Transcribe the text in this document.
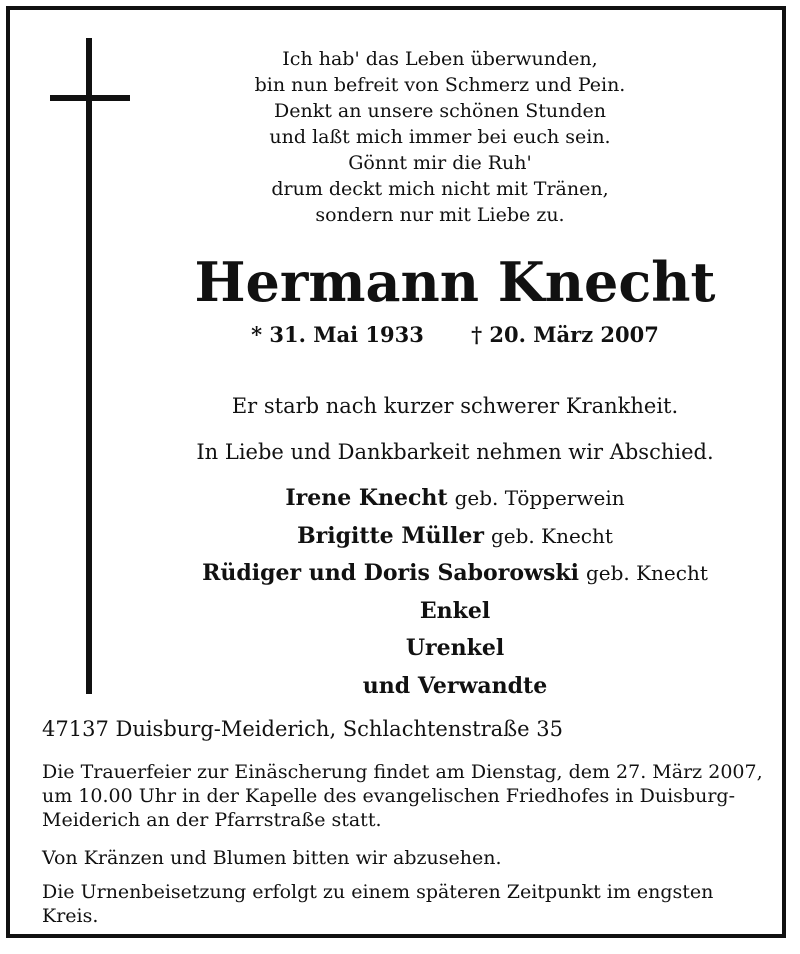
Ich hab' das Leben überwunden,
bin nun befreit von Schmerz und Pein.
Denkt an unsere schönen Stunden
und laßt mich immer bei euch sein.
Gönnt mir die Ruh'
drum deckt mich nicht mit Tränen,
sondern nur mit Liebe zu.
Hermann Knecht
* 31. Mai 1933 † 20. März 2007
Er starb nach kurzer schwerer Krankheit.
In Liebe und Dankbarkeit nehmen wir Abschied.
Irene Knecht geb. Töpperwein
Brigitte Müller geb. Knecht
Rüdiger und Doris Saborowski geb. Knecht
Enkel
Urenkel
und Verwandte
47137 Duisburg-Meiderich, Schlachtenstraße 35
Die Trauerfeier zur Einäscherung findet am Dienstag, dem 27. März 2007, um 10.00 Uhr in der Kapelle des evangelischen Friedhofes in Duisburg-Meiderich an der Pfarrstraße statt.
Von Kränzen und Blumen bitten wir abzusehen.
Die Urnenbeisetzung erfolgt zu einem späteren Zeitpunkt im engsten Kreis.
